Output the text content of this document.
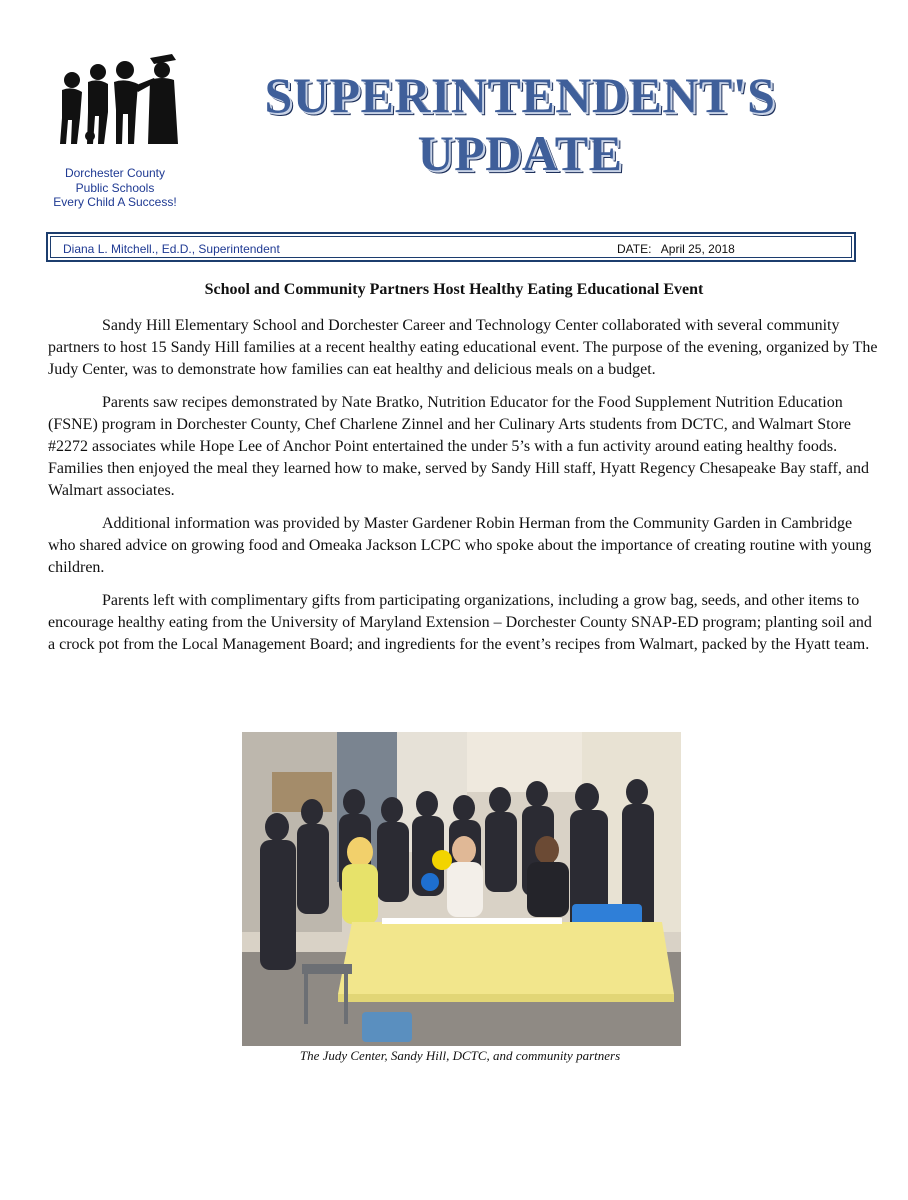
Dorchester County
Public Schools
Every Child A Success!
SUPERINTENDENT'S
UPDATE
Diana L. Mitchell., Ed.D., Superintendent	DATE: April 25, 2018
School and Community Partners Host Healthy Eating Educational Event

Sandy Hill Elementary School and Dorchester Career and Technology Center collaborated with several community partners to host 15 Sandy Hill families at a recent healthy eating educational event. The purpose of the evening, organized by The Judy Center, was to demonstrate how families can eat healthy and delicious meals on a budget.

Parents saw recipes demonstrated by Nate Bratko, Nutrition Educator for the Food Supplement Nutrition Education (FSNE) program in Dorchester County, Chef Charlene Zinnel and her Culinary Arts students from DCTC, and Walmart Store #2272 associates while Hope Lee of Anchor Point entertained the under 5’s with a fun activity around eating healthy foods. Families then enjoyed the meal they learned how to make, served by Sandy Hill staff, Hyatt Regency Chesapeake Bay staff, and Walmart associates.

Additional information was provided by Master Gardener Robin Herman from the Community Garden in Cambridge who shared advice on growing food and Omeaka Jackson LCPC who spoke about the importance of creating routine with young children.

Parents left with complimentary gifts from participating organizations, including a grow bag, seeds, and other items to encourage healthy eating from the University of Maryland Extension – Dorchester County SNAP-ED program; planting soil and a crock pot from the Local Management Board; and ingredients for the event’s recipes from Walmart, packed by the Hyatt team.

The Judy Center, Sandy Hill, DCTC, and community partners
